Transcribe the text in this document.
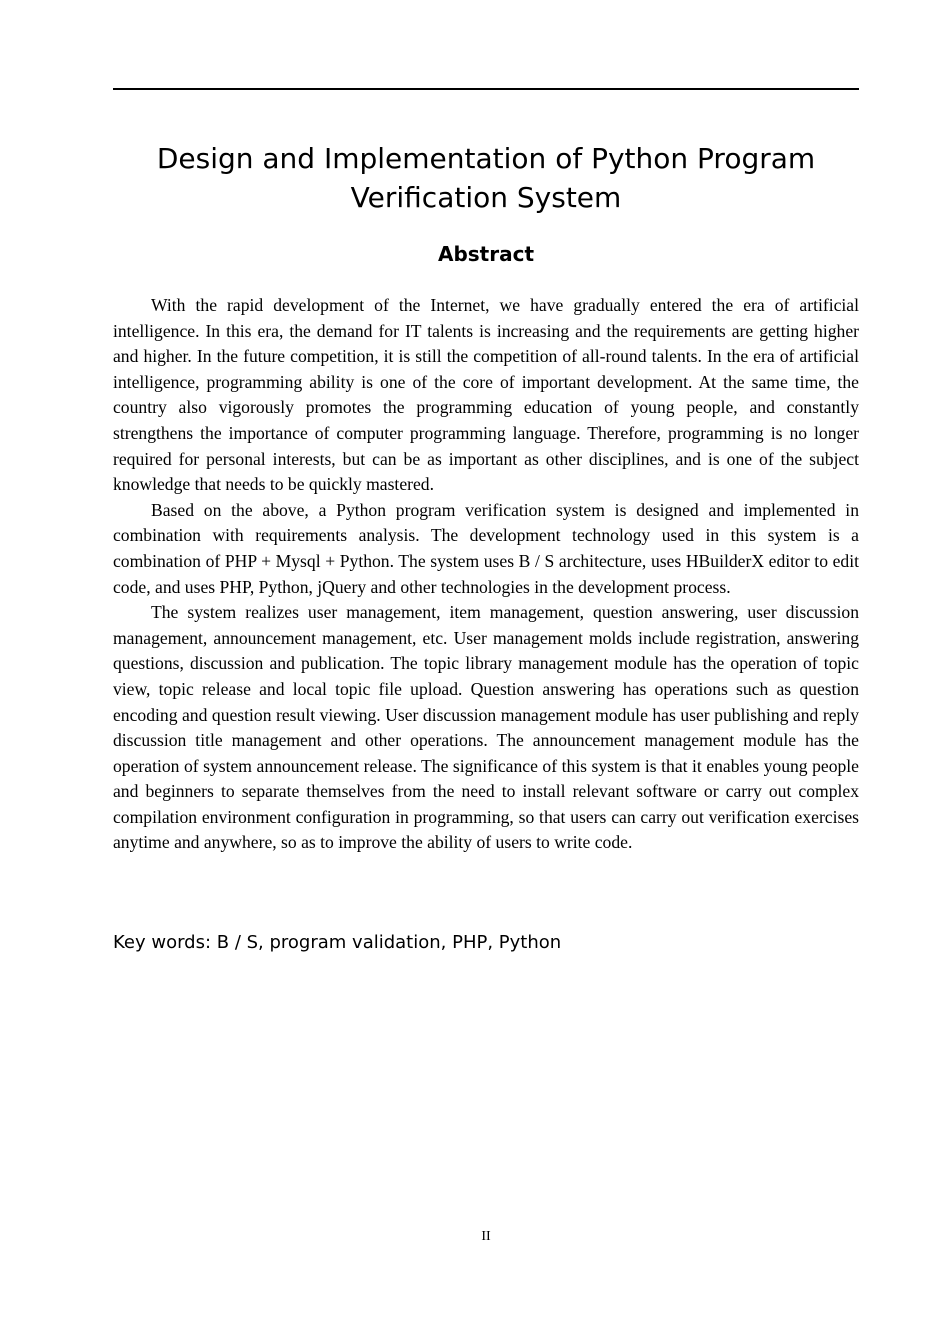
Design and Implementation of Python Program Verification System
Abstract

With the rapid development of the Internet, we have gradually entered the era of artificial intelligence. In this era, the demand for IT talents is increasing and the requirements are getting higher and higher. In the future competition, it is still the competition of all-round talents. In the era of artificial intelligence, programming ability is one of the core of important development. At the same time, the country also vigorously promotes the programming education of young people, and constantly strengthens the importance of computer programming language. Therefore, programming is no longer required for personal interests, but can be as important as other disciplines, and is one of the subject knowledge that needs to be quickly mastered.

Based on the above, a Python program verification system is designed and implemented in combination with requirements analysis. The development technology used in this system is a combination of PHP + Mysql + Python. The system uses B / S architecture, uses HBuilderX editor to edit code, and uses PHP, Python, jQuery and other technologies in the development process.

The system realizes user management, item management, question answering, user discussion management, announcement management, etc. User management molds include registration, answering questions, discussion and publication. The topic library management module has the operation of topic view, topic release and local topic file upload. Question answering has operations such as question encoding and question result viewing. User discussion management module has user publishing and reply discussion title management and other operations. The announcement management module has the operation of system announcement release. The significance of this system is that it enables young people and beginners to separate themselves from the need to install relevant software or carry out complex compilation environment configuration in programming, so that users can carry out verification exercises anytime and anywhere, so as to improve the ability of users to write code.

Key words: B / S, program validation, PHP, Python

II
